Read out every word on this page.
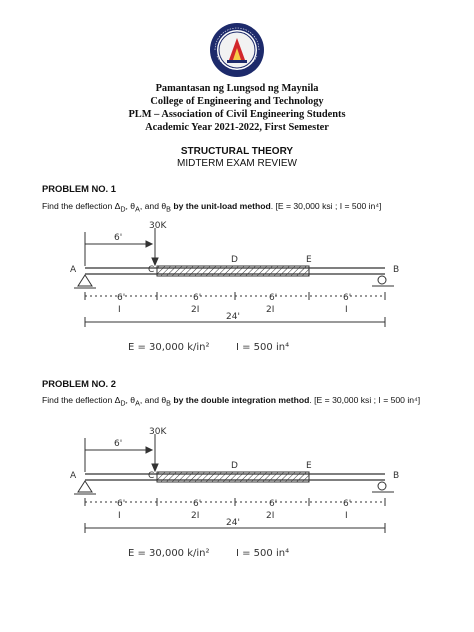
Pamantasan ng Lungsod ng Maynila
College of Engineering and Technology
PLM – Association of Civil Engineering Students
Academic Year 2021-2022, First Semester
STRUCTURAL THEORY
MIDTERM EXAM REVIEW
PROBLEM NO. 1
Find the deflection $\Delta_D$, $\theta_A$, and $\theta_B$ by the unit-load method. [E = 30,000 ksi ; I = 500 in⁴]
30K
6'
A	C
D	E
B
6'	6'	6'	6'
I	2I	2I	I
24'
E = 30,000 k/in²	I = 500 in⁴
PROBLEM NO. 2
Find the deflection $\Delta_D$, $\theta_A$, and $\theta_B$ by the double integration method. [E = 30,000 ksi ; I = 500 in⁴]
30K
6'
A	C
D	E
B
6'	6'	6'	6'
I	2I	2I	I
24'
E = 30,000 k/in²	I = 500 in⁴
